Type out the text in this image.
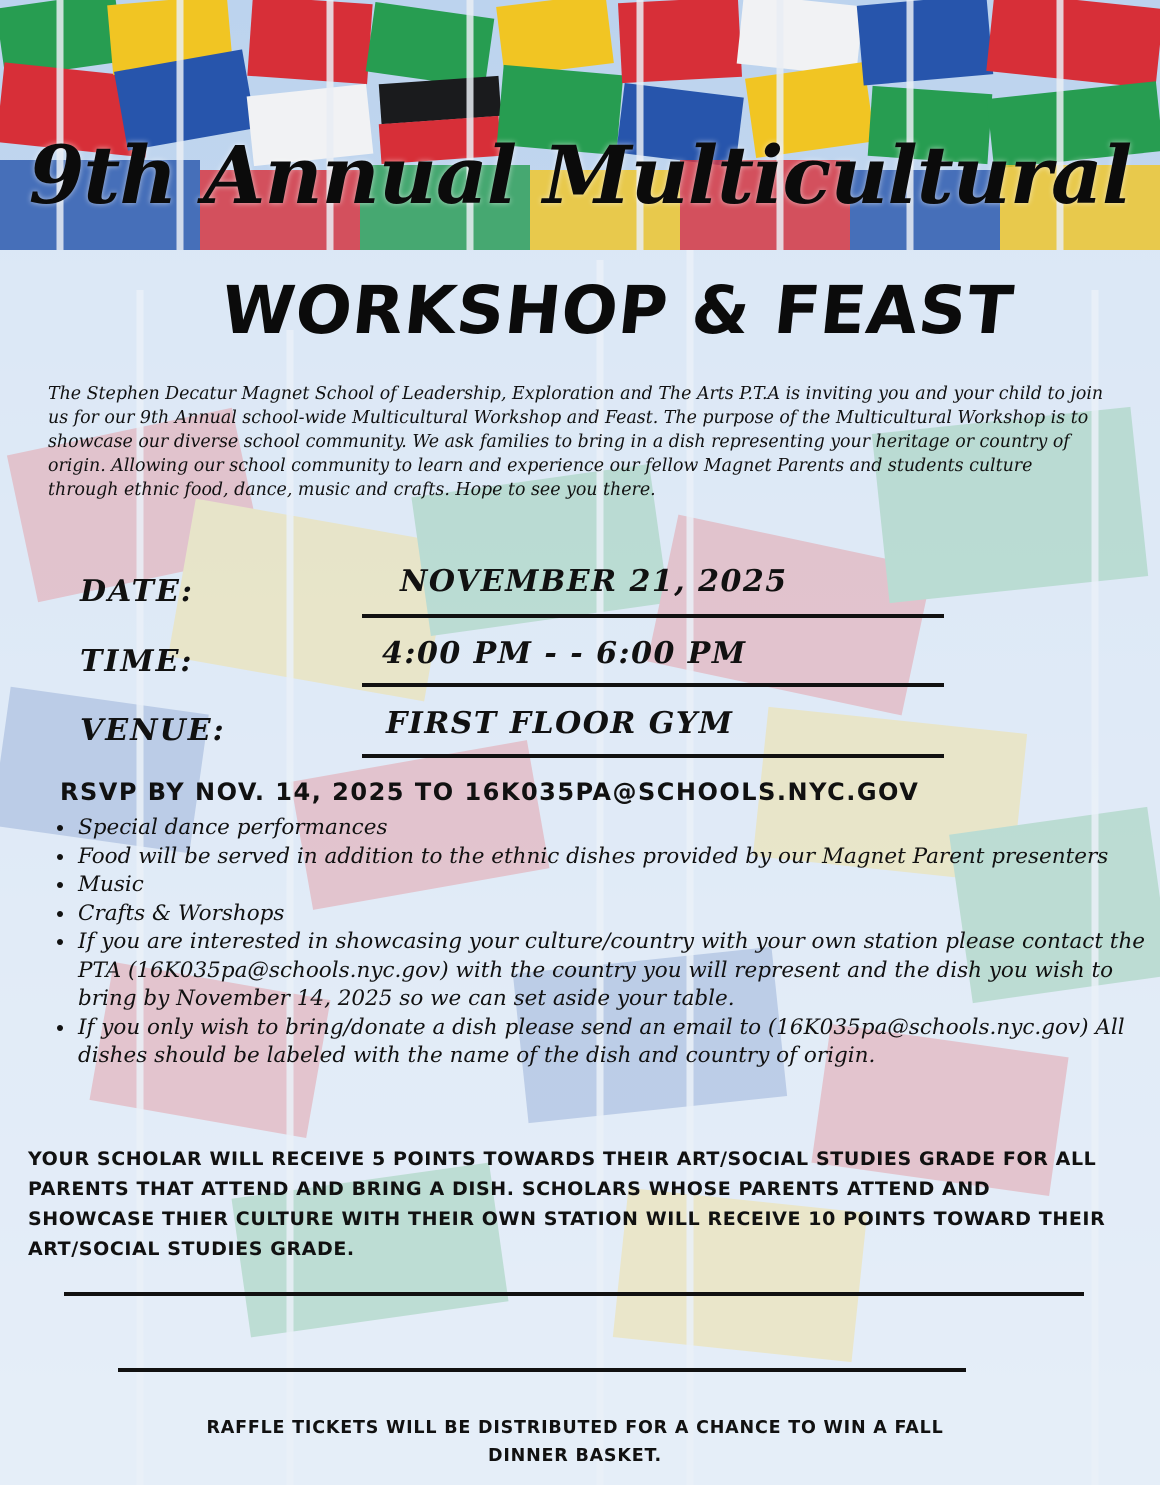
9th Annual Multicultural
WORKSHOP & FEAST
The Stephen Decatur Magnet School of Leadership, Exploration and The Arts P.T.A is inviting you and your child to join us for our 9th Annual school-wide Multicultural Workshop and Feast. The purpose of the Multicultural Workshop is to showcase our diverse school community. We ask families to bring in a dish representing your heritage or country of origin. Allowing our school community to learn and experience our fellow Magnet Parents and students culture through ethnic food, dance, music and crafts. Hope to see you there.
DATE:	NOVEMBER 21, 2025
TIME:	4:00 PM - - 6:00 PM
VENUE:	FIRST FLOOR GYM
RSVP BY NOV. 14, 2025 TO 16K035PA@SCHOOLS.NYC.GOV
• Special dance performances
• Food will be served in addition to the ethnic dishes provided by our Magnet Parent presenters
• Music
• Crafts & Worshops
• If you are interested in showcasing your culture/country with your own station please contact the PTA (16K035pa@schools.nyc.gov) with the country you will represent and the dish you wish to bring by November 14, 2025 so we can set aside your table.
• If you only wish to bring/donate a dish please send an email to (16K035pa@schools.nyc.gov) All dishes should be labeled with the name of the dish and country of origin.
YOUR SCHOLAR WILL RECEIVE 5 POINTS TOWARDS THEIR ART/SOCIAL STUDIES GRADE FOR ALL PARENTS THAT ATTEND AND BRING A DISH. SCHOLARS WHOSE PARENTS ATTEND AND SHOWCASE THIER CULTURE WITH THEIR OWN STATION WILL RECEIVE 10 POINTS TOWARD THEIR ART/SOCIAL STUDIES GRADE.
RAFFLE TICKETS WILL BE DISTRIBUTED FOR A CHANCE TO WIN A FALL DINNER BASKET.
